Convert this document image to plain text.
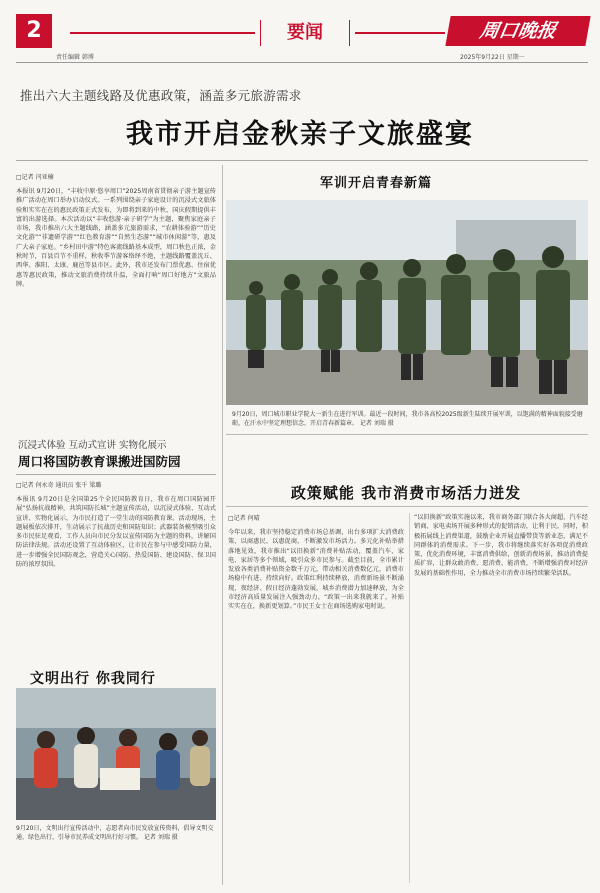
2
责任编辑 韩博
要闻	周口晚报
2025年9月22日 星期一
推出六大主题线路及优惠政策，涵盖多元旅游需求
我市开启金秋亲子文旅盛宴
□记者 闫亚楠
本报讯 9月20日，“丰收中原·悠享周口”2025周南省贯彻亲子游主题宣传推广活动在周口举办启动仪式。一系列围绕亲子家庭设计的沉浸式文旅体验和实实在在的惠民政策正式发布，为即将到来的中秋、国庆假期提供丰富的出游选择。本次活动以“丰收悠游·亲子研学”为主题，聚焦家庭亲子市场，我市推出六大主题线路，涵盖多元旅游需求，“农耕体验游”“历史文化游”“非遗研学游”“红色教育游”“自然生态游”“城市休闲游”等，惠及广大亲子家庭。“乡村田中游”特色客流线路基本成型，周口秋色正浓，金秋时节，百县百节不重样，秋收季节游客络绎不绝，主题线路覆盖沈丘、西华、淮阳、太康、鹿邑等县市区。此外，我市还发布门票优惠、住宿优惠等惠民政策，推动文旅消费持续升温，全面打响“周口好地方”文旅品牌。
沉浸式体验 互动式宣讲 实物化展示
周口将国防教育课搬进国防园
□记者 何永奇 通讯员 张千 梁璐
本报讯 9月20日是全国第25个全民国防教育日，我市在周口国防园开展“弘扬抗战精神，共筑国防长城”主题宣传活动，以沉浸式体验、互动式宣讲、实物化展示，为市民打造了一堂生动的国防教育课。活动现场，主题展板依次排开，生动展示了抗战历史和国防知识；武器装备模型吸引众多市民驻足观看，工作人员向市民分发以宣传国防为主题的资料，讲解国防法律法规。活动还设置了互动体验区，让市民在参与中感受国防力量，进一步增强全民国防观念，营造关心国防、热爱国防、建设国防、保卫国防的浓厚氛围。
文明出行 你我同行
9月20日，文明出行宣传活动中，志愿者向市民发放宣传资料，倡导文明交通、绿色出行，引导市民养成文明出行好习惯。 记者 刘瑞 摄
军训开启青春新篇
9月20日，周口城市职业学院大一新生在进行军训。最近一段时间，我市各高校2025级新生陆续开展军训，以饱满的精神面貌接受磨砺，在汗水中坚定理想信念，开启青春新篇章。 记者 刘瑞 摄
政策赋能 我市消费市场活力迸发
□记者 何晴
今年以来，我市坚持稳定消费市场总基调，出台多项扩大消费政策，以商惠民、以惠促商，不断激发市场活力。多元化补贴举措落地见效，我市推出“以旧换新”消费补贴活动，覆盖汽车、家电、家居等多个领域，吸引众多市民参与。截至目前，全市累计发放各类消费补贴资金数千万元，带动相关消费数亿元，消费市场稳中有进、持续向好。政策红利持续释放，消费新场景不断涌现，夜经济、假日经济蓬勃发展，城乡消费潜力加速释放，为全市经济高质量发展注入强劲动力。“政策一出来我就来了，补贴实实在在，换新更划算。”市民王女士在商场选购家电时说。
“以旧换新”政策实施以来，我市商务部门联合各大商超、汽车经销商、家电卖场开展多种形式的促销活动，让利于民。同时，积极拓展线上消费渠道，鼓励企业开展直播带货等新业态，满足不同群体的消费需求。下一步，我市将继续落实好各项促消费政策，优化消费环境，丰富消费供给，创新消费场景，推动消费提质扩容，让群众敢消费、愿消费、能消费，不断增强消费对经济发展的基础性作用，全力推动全市消费市场持续繁荣活跃。
